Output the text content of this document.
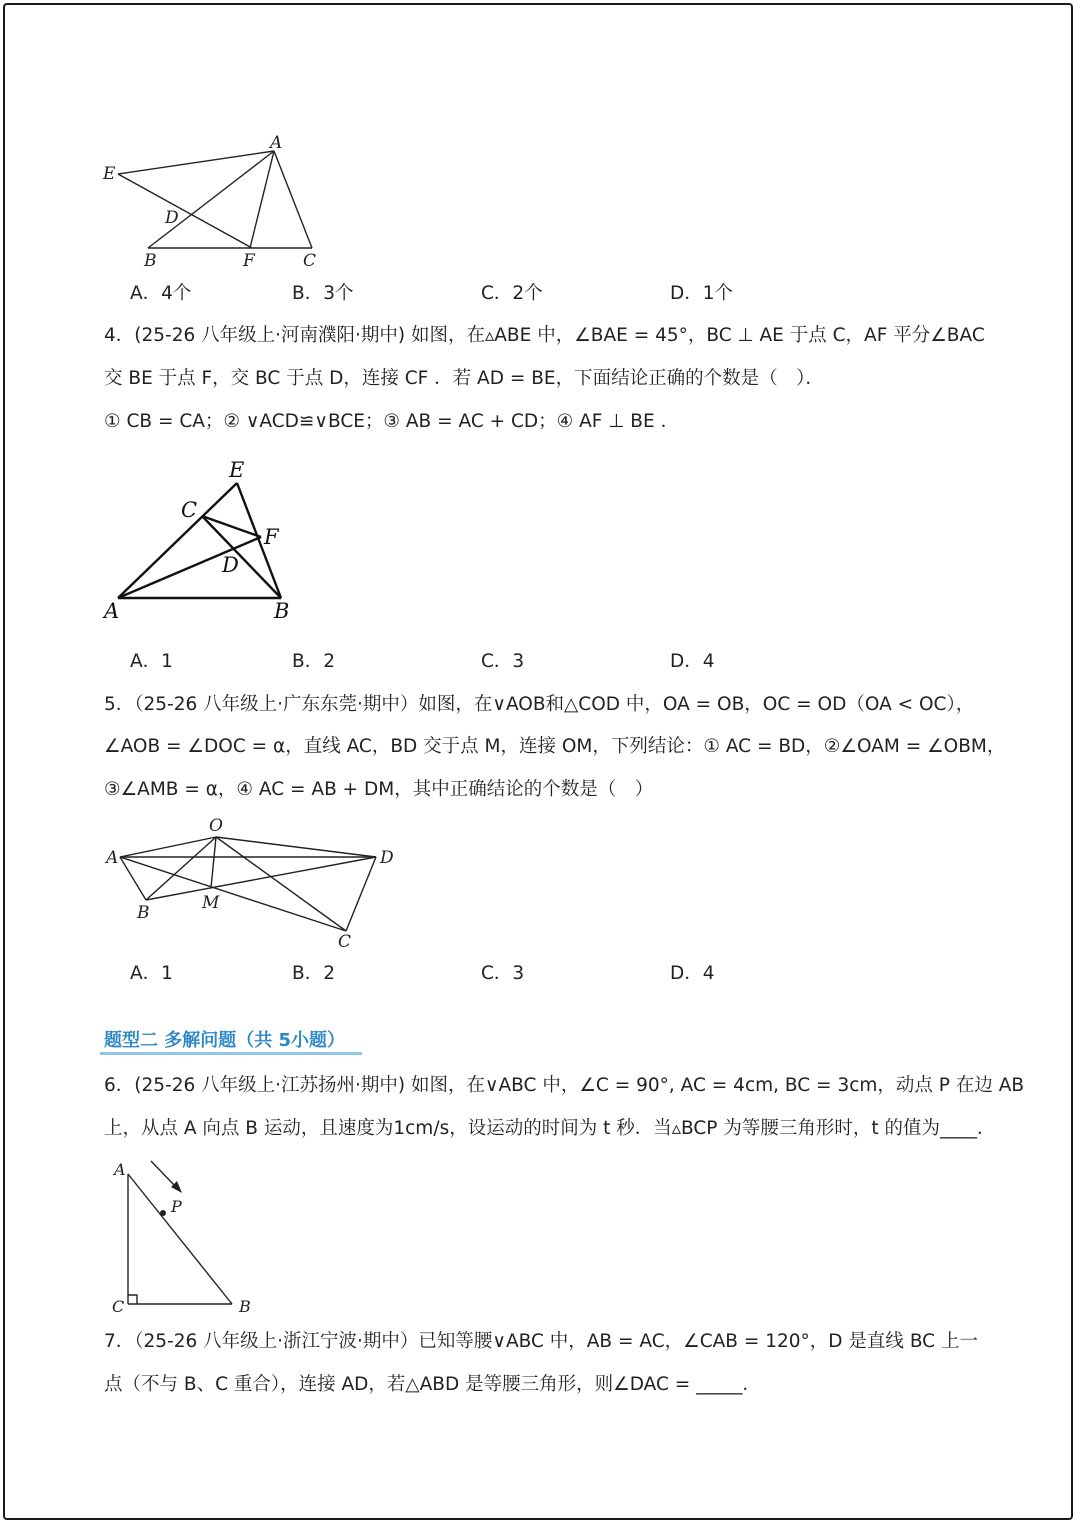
A
E
D
B	F	C
A．4个	B．3个	C．2个	D．1个
4．(25-26 八年级上·河南濮阳·期中) 如图，在▵ABE 中，∠BAE = 45°，BC ⊥ AE 于点 C，AF 平分∠BAC
交 BE 于点 F，交 BC 于点 D，连接 CF ．若 AD = BE，下面结论正确的个数是（　）．
① CB = CA；② ∨ACD≌∨BCE；③ AB = AC + CD；④ AF ⊥ BE ．
E
C
F
D
A	B
A．1	B．2	C．3	D．4
5．（25-26 八年级上·广东东莞·期中）如图，在∨AOB和△COD 中，OA = OB，OC = OD（OA < OC），
∠AOB = ∠DOC = α，直线 AC，BD 交于点 M，连接 OM，下列结论：① AC = BD，②∠OAM = ∠OBM，
③∠AMB = α，④ AC = AB + DM，其中正确结论的个数是（　）
O
A	D
B	M
C
A．1	B．2	C．3	D．4
题型二 多解问题（共 5小题）
6．(25-26 八年级上·江苏扬州·期中) 如图，在∨ABC 中，∠C = 90°, AC = 4cm, BC = 3cm，动点 P 在边 AB
上，从点 A 向点 B 运动，且速度为1cm/s，设运动的时间为 t 秒．当▵BCP 为等腰三角形时，t 的值为____．
A
P
C	B
7．（25-26 八年级上·浙江宁波·期中）已知等腰∨ABC 中，AB = AC，∠CAB = 120°，D 是直线 BC 上一
点（不与 B、C 重合），连接 AD，若△ABD 是等腰三角形，则∠DAC = _____．
